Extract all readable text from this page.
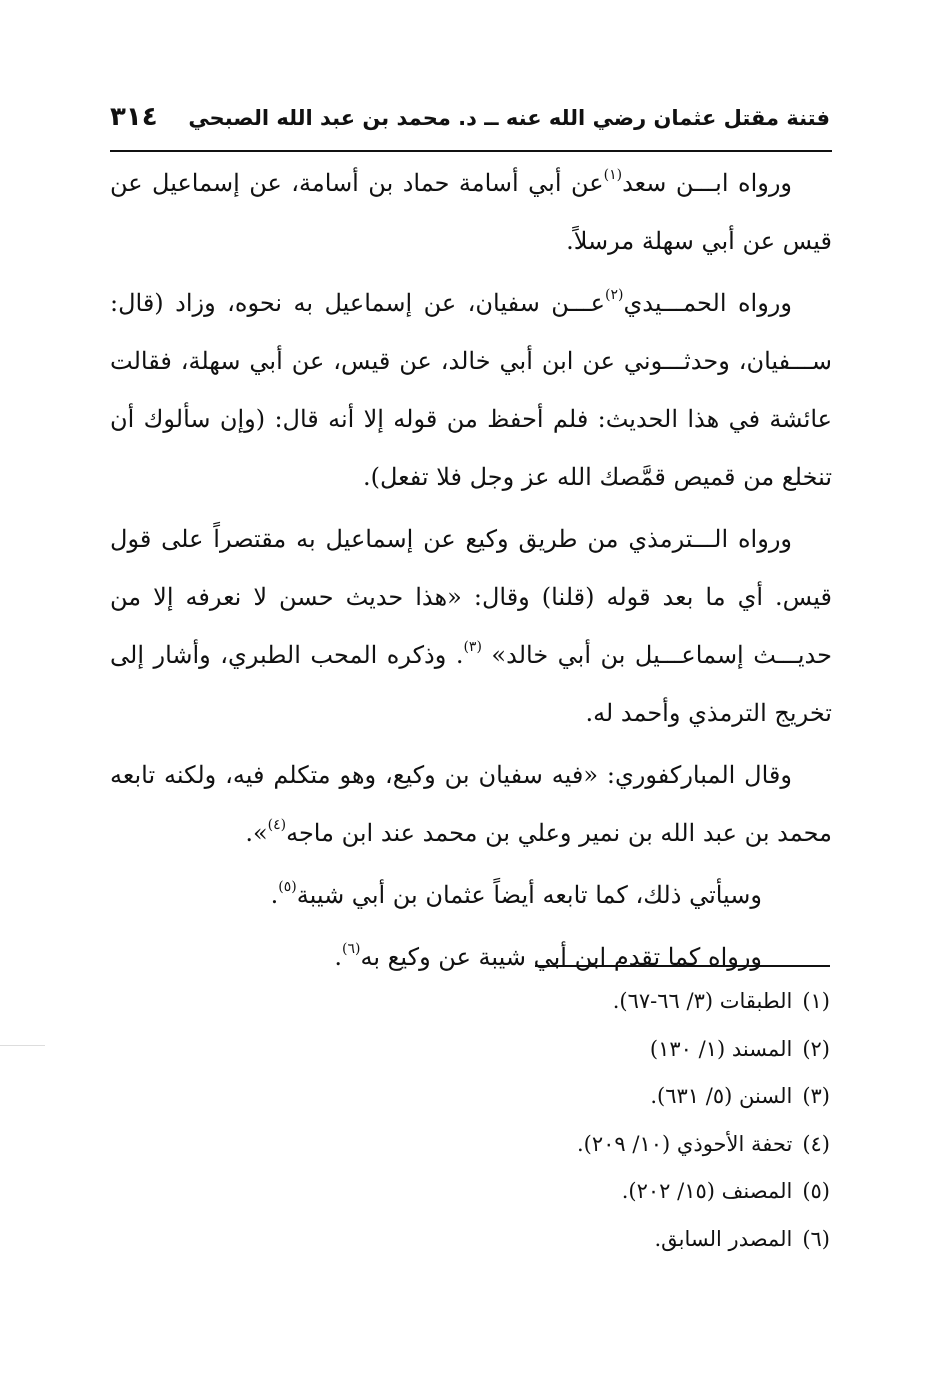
فتنة مقتل عثمان رضي الله عنه ــ د. محمد بن عبد الله الصبحي
٣١٤

ورواه ابـــن سعد$^{(١)}$عن أبي أسامة حماد بن أسامة، عن إسماعيل عن قيس عن أبي سهلة مرسلاً.

ورواه الحمـــيدي$^{(٢)}$عـــن سفيان، عن إسماعيل به نحوه، وزاد (قال: ســـفيان، وحدثـــوني عن ابن أبي خالد، عن قيس، عن أبي سهلة، فقالت عائشة في هذا الحديث: فلم أحفظ من قوله إلا أنه قال: (وإن سألوك أن تنخلع من قميص قمَّصك الله عز وجل فلا تفعل).

ورواه الـــترمذي من طريق وكيع عن إسماعيل به مقتصراً على قول قيس. أي ما بعد قوله (قلنا) وقال: «هذا حديث حسن لا نعرفه إلا من حديـــث إسماعـــيل بن أبي خالد» $^{(٣)}$. وذكره المحب الطبري، وأشار إلى تخريج الترمذي وأحمد له.

وقال المباركفوري: «فيه سفيان بن وكيع، وهو متكلم فيه، ولكنه تابعه محمد بن عبد الله بن نمير وعلي بن محمد عند ابن ماجه$^{(٤)}$».

وسيأتي ذلك، كما تابعه أيضاً عثمان بن أبي شيبة$^{(٥)}$.

ورواه كما تقدم ابن أبي شيبة عن وكيع به$^{(٦)}$.

(١)الطبقات (٣/ ٦٦-٦٧).
(٢)المسند (١/ ١٣٠)
(٣)السنن (٥/ ٦٣١).
(٤)تحفة الأحوذي (١٠/ ٢٠٩).
(٥)المصنف (١٥/ ٢٠٢).
(٦)المصدر السابق.
